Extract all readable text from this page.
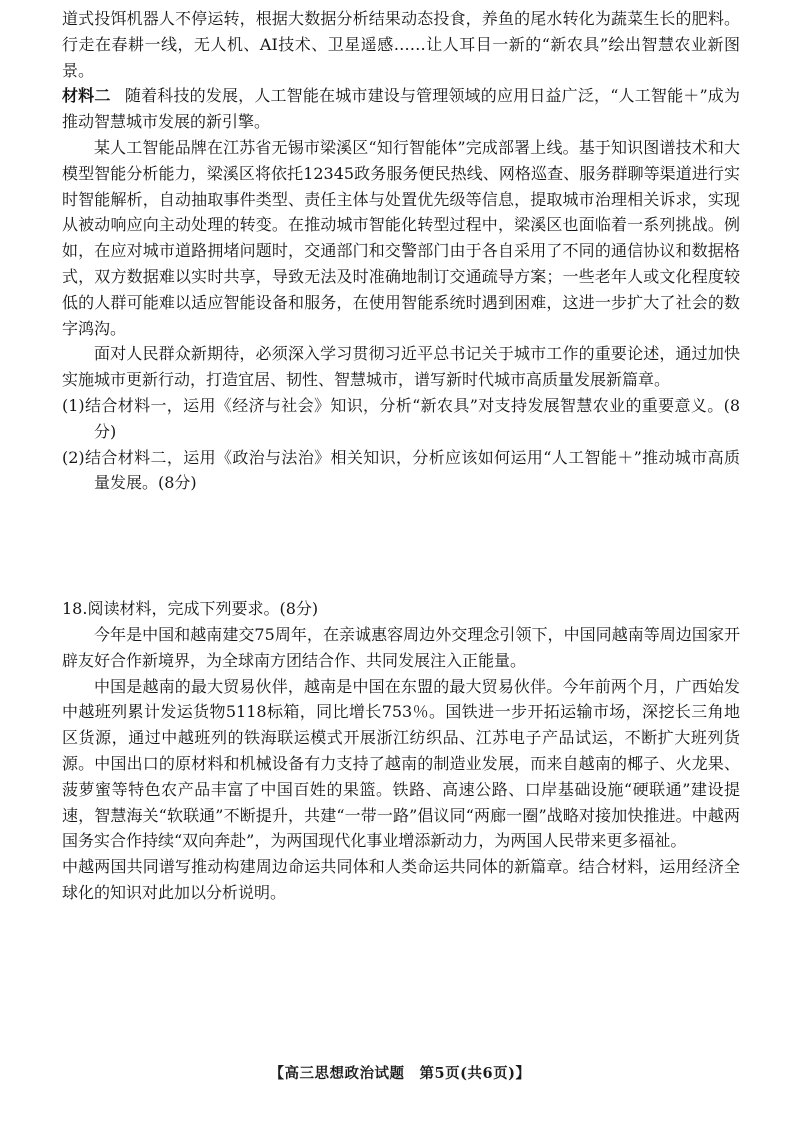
道式投饵机器人不停运转，根据大数据分析结果动态投食，养鱼的尾水转化为蔬菜生长的肥料。行走在春耕一线，无人机、AI技术、卫星遥感……让人耳目一新的“新农具”绘出智慧农业新图景。

材料二 随着科技的发展，人工智能在城市建设与管理领域的应用日益广泛，“人工智能＋”成为推动智慧城市发展的新引擎。

某人工智能品牌在江苏省无锡市梁溪区“知行智能体”完成部署上线。基于知识图谱技术和大模型智能分析能力，梁溪区将依托12345政务服务便民热线、网格巡查、服务群聊等渠道进行实时智能解析，自动抽取事件类型、责任主体与处置优先级等信息，提取城市治理相关诉求，实现从被动响应向主动处理的转变。在推动城市智能化转型过程中，梁溪区也面临着一系列挑战。例如，在应对城市道路拥堵问题时，交通部门和交警部门由于各自采用了不同的通信协议和数据格式，双方数据难以实时共享，导致无法及时准确地制订交通疏导方案；一些老年人或文化程度较低的人群可能难以适应智能设备和服务，在使用智能系统时遇到困难，这进一步扩大了社会的数字鸿沟。

面对人民群众新期待，必须深入学习贯彻习近平总书记关于城市工作的重要论述，通过加快实施城市更新行动，打造宜居、韧性、智慧城市，谱写新时代城市高质量发展新篇章。

(1)结合材料一，运用《经济与社会》知识，分析“新农具”对支持发展智慧农业的重要意义。(8分)

(2)结合材料二，运用《政治与法治》相关知识，分析应该如何运用“人工智能＋”推动城市高质量发展。(8分)

18.阅读材料，完成下列要求。(8分)

今年是中国和越南建交75周年，在亲诚惠容周边外交理念引领下，中国同越南等周边国家开辟友好合作新境界，为全球南方团结合作、共同发展注入正能量。

中国是越南的最大贸易伙伴，越南是中国在东盟的最大贸易伙伴。今年前两个月，广西始发中越班列累计发运货物5118标箱，同比增长753％。国铁进一步开拓运输市场，深挖长三角地区货源，通过中越班列的铁海联运模式开展浙江纺织品、江苏电子产品试运，不断扩大班列货源。中国出口的原材料和机械设备有力支持了越南的制造业发展，而来自越南的椰子、火龙果、菠萝蜜等特色农产品丰富了中国百姓的果篮。铁路、高速公路、口岸基础设施“硬联通”建设提速，智慧海关“软联通”不断提升，共建“一带一路”倡议同“两廊一圈”战略对接加快推进。中越两国务实合作持续“双向奔赴”，为两国现代化事业增添新动力，为两国人民带来更多福祉。

中越两国共同谱写推动构建周边命运共同体和人类命运共同体的新篇章。结合材料，运用经济全球化的知识对此加以分析说明。

【高三思想政治试题　第5页(共6页)】
